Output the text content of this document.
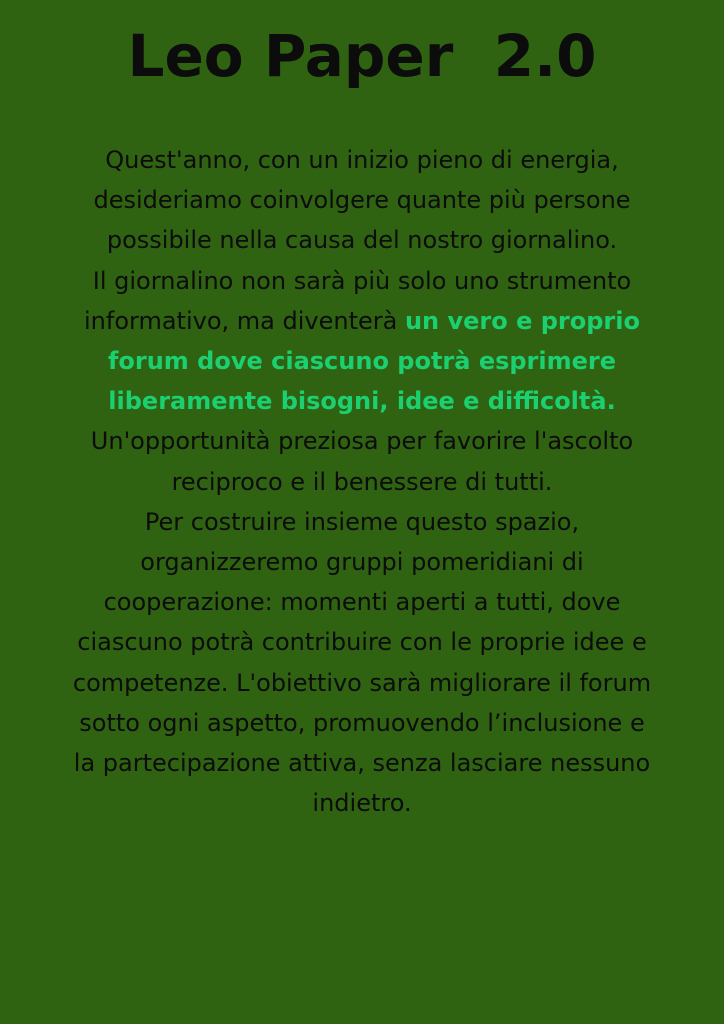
Leo Paper  2.0

Quest'anno, con un inizio pieno di energia, desideriamo coinvolgere quante più persone possibile nella causa del nostro giornalino.

Il giornalino non sarà più solo uno strumento informativo, ma diventerà un vero e proprio forum dove ciascuno potrà esprimere liberamente bisogni, idee e difficoltà. Un'opportunità preziosa per favorire l'ascolto reciproco e il benessere di tutti.

Per costruire insieme questo spazio, organizzeremo gruppi pomeridiani di cooperazione: momenti aperti a tutti, dove ciascuno potrà contribuire con le proprie idee e competenze. L'obiettivo sarà migliorare il forum sotto ogni aspetto, promuovendo l’inclusione e la partecipazione attiva, senza lasciare nessuno indietro.
